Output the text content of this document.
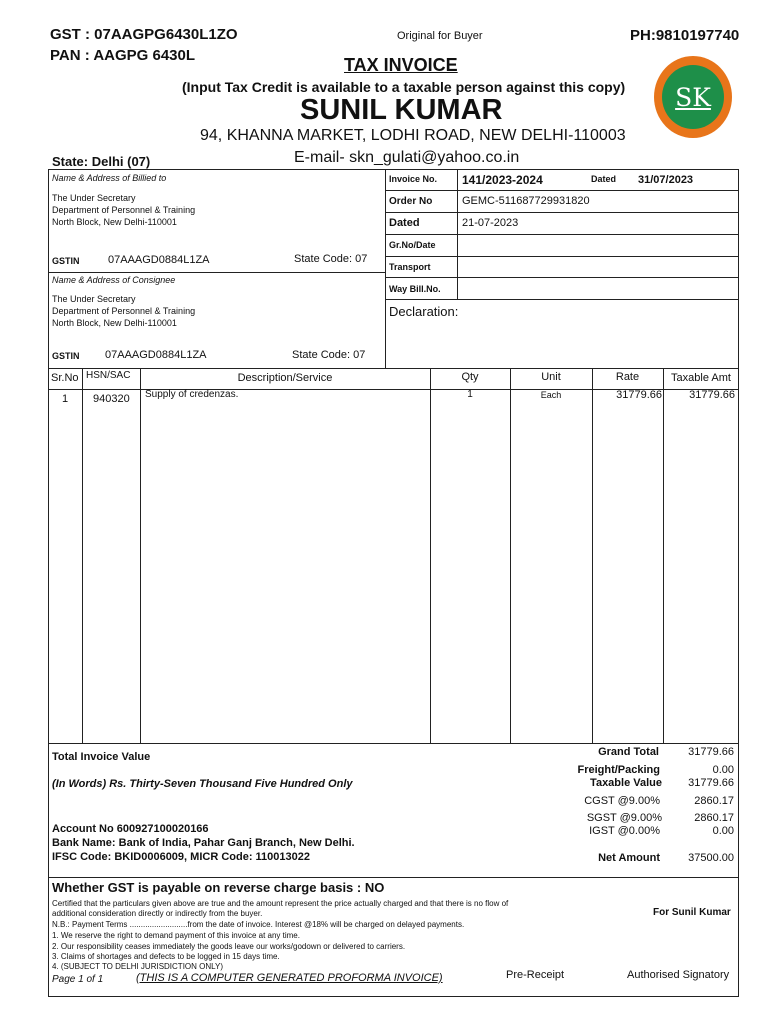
GST : 07AAGPG6430L1ZO
PAN : AAGPG 6430L
Original for Buyer	PH:9810197740
TAX INVOICE
(Input Tax Credit is available to a taxable person against this copy)
SUNIL KUMAR
94, KHANNA MARKET, LODHI ROAD, NEW DELHI-110003
E-mail- skn_gulati@yahoo.co.in
State: Delhi (07)
SK
Name & Address of Billied to
The Under Secretary
Department of Personnel & Training
North Block, New Delhi-110001
GSTIN	07AAAGD0884L1ZA	State Code: 07
Name & Address of Consignee
The Under Secretary
Department of Personnel & Training
North Block, New Delhi-110001
GSTIN 07AAAGD0884L1ZA	State Code: 07
Invoice No. 141/2023-2024	Dated 31/07/2023
Order No	GEMC-511687729931820
Dated	21-07-2023
Gr.No/Date
Transport
Way Bill.No.
Declaration:
Sr.No HSN/SAC	Description/Service	Qty	Unit	Rate	Taxable Amt
1	940320 Supply of credenzas.	1	Each	31779.66	31779.66
Total Invoice Value
(In Words) Rs. Thirty-Seven Thousand Five Hundred Only
Grand Total	31779.66
Freight/Packing	0.00
Taxable Value	31779.66
CGST @9.00%	2860.17
SGST @9.00%	2860.17
IGST @0.00%	0.00
Net Amount	37500.00
Account No 600927100020166
Bank Name: Bank of India, Pahar Ganj Branch, New Delhi.
IFSC Code: BKID0006009, MICR Code: 110013022
Whether GST is payable on reverse charge basis : NO
Certified that the particulars given above are true and the amount represent the price actually charged and that there is no flow of
additional consideration directly or indirectly from the buyer.
N.B.: Payment Terms ..........................from the date of invoice. Interest @18% will be charged on delayed payments.
1. We reserve the right to demand payment of this invoice at any time.
2. Our responsibility ceases immediately the goods leave our works/godown or delivered to carriers.
3. Claims of shortages and defects to be logged in 15 days time.
4. (SUBJECT TO DELHI JURISDICTION ONLY)
For Sunil Kumar
Page 1 of 1	(THIS IS A COMPUTER GENERATED PROFORMA INVOICE)	Pre-Receipt	Authorised Signatory
